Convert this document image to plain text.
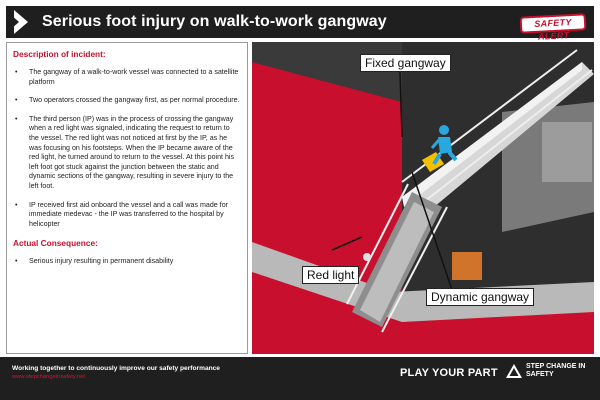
Serious foot injury on walk-to-work gangway	SAFETY ALERT
Description of incident:
• The gangway of a walk-to-work vessel was connected to a satellite platform
• Two operators crossed the gangway first, as per normal procedure.
• The third person (IP) was in the process of crossing the gangway when a red light was signaled, indicating the request to return to the vessel. The red light was not noticed at first by the IP, as he was focusing on his footsteps. When the IP became aware of the red light, he turned around to return to the vessel. At this point his left foot got stuck against the junction between the static and dynamic sections of the gangway, resulting in severe injury to the left foot.
• IP received first aid onboard the vessel and a call was made for immediate medevac - the IP was transferred to the hospital by helicopter
Actual Consequence:
• Serious injury resulting in permanent disability
Fixed gangway
Red light
Dynamic gangway
Working together to continuously improve our safety performance
www.stepchangeinsafety.net	PLAY YOUR PART
STEP CHANGE IN SAFETY
